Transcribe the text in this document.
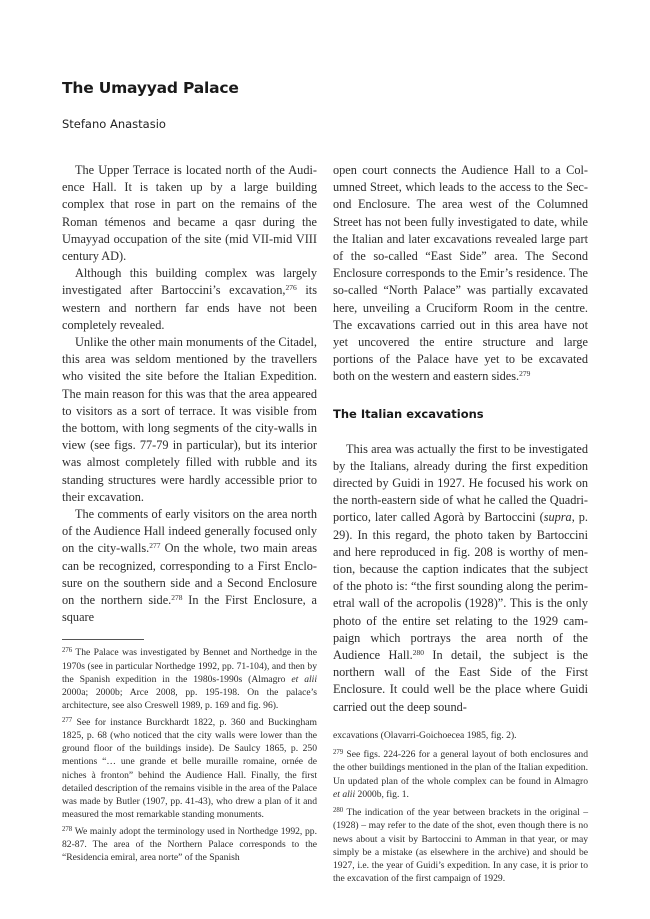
The Umayyad Palace

Stefano Anastasio

The Upper Terrace is located north of the Audience Hall. It is taken up by a large building complex that rose in part on the remains of the Roman témenos and became a qasr during the Umayyad occupation of the site (mid VII-mid VIII century AD).

Although this building complex was largely investigated after Bartoccini’s excavation,$^{276}$ its western and northern far ends have not been completely revealed.

Unlike the other main monuments of the Citadel, this area was seldom mentioned by the travellers who visited the site before the Italian Expedition. The main reason for this was that the area appeared to visitors as a sort of terrace. It was visible from the bottom, with long segments of the city-walls in view (see figs. 77-79 in particular), but its interior was almost completely filled with rubble and its standing structures were hardly accessible prior to their excavation.

The comments of early visitors on the area north of the Audience Hall indeed generally focused only on the city-walls.$^{277}$ On the whole, two main areas can be recognized, corresponding to a First Enclosure on the southern side and a Second Enclosure on the northern side.$^{278}$ In the First Enclosure, a square

$^{276}$ The Palace was investigated by Bennet and Northedge in the 1970s (see in particular Northedge 1992, pp. 71-104), and then by the Spanish expedition in the 1980s-1990s (Almagro et alii 2000a; 2000b; Arce 2008, pp. 195-198. On the palace’s architecture, see also Creswell 1989, p. 169 and fig. 96).

$^{277}$ See for instance Burckhardt 1822, p. 360 and Buckingham 1825, p. 68 (who noticed that the city walls were lower than the ground floor of the buildings inside). De Saulcy 1865, p. 250 mentions “… une grande et belle muraille romaine, ornée de niches à fronton” behind the Audience Hall. Finally, the first detailed description of the remains visible in the area of the Palace was made by Butler (1907, pp. 41-43), who drew a plan of it and measured the most remarkable standing monuments.

$^{278}$ We mainly adopt the terminology used in Northedge 1992, pp. 82-87. The area of the Northern Palace corresponds to the “Residencia emiral, area norte” of the Spanish

open court connects the Audience Hall to a Columned Street, which leads to the access to the Second Enclosure. The area west of the Columned Street has not been fully investigated to date, while the Italian and later excavations revealed large part of the so-called “East Side” area. The Second Enclosure corresponds to the Emir’s residence. The so-called “North Palace” was partially excavated here, unveiling a Cruciform Room in the centre. The excavations carried out in this area have not yet uncovered the entire structure and large portions of the Palace have yet to be excavated both on the western and eastern sides.$^{279}$

The Italian excavations

This area was actually the first to be investigated by the Italians, already during the first expedition directed by Guidi in 1927. He focused his work on the north-eastern side of what he called the Quadriportico, later called Agorà by Bartoccini (supra, p. 29). In this regard, the photo taken by Bartoccini and here reproduced in fig. 208 is worthy of mention, because the caption indicates that the subject of the photo is: “the first sounding along the perimetral wall of the acropolis (1928)”. This is the only photo of the entire set relating to the 1929 campaign which portrays the area north of the Audience Hall.$^{280}$ In detail, the subject is the northern wall of the East Side of the First Enclosure. It could well be the place where Guidi carried out the deep sound-

excavations (Olavarri-Goichoecea 1985, fig. 2).

$^{279}$ See figs. 224-226 for a general layout of both enclosures and the other buildings mentioned in the plan of the Italian expedition. Un updated plan of the whole complex can be found in Almagro et alii 2000b, fig. 1.

$^{280}$ The indication of the year between brackets in the original – (1928) – may refer to the date of the shot, even though there is no news about a visit by Bartoccini to Amman in that year, or may simply be a mistake (as elsewhere in the archive) and should be 1927, i.e. the year of Guidi’s expedition. In any case, it is prior to the excavation of the first campaign of 1929.
